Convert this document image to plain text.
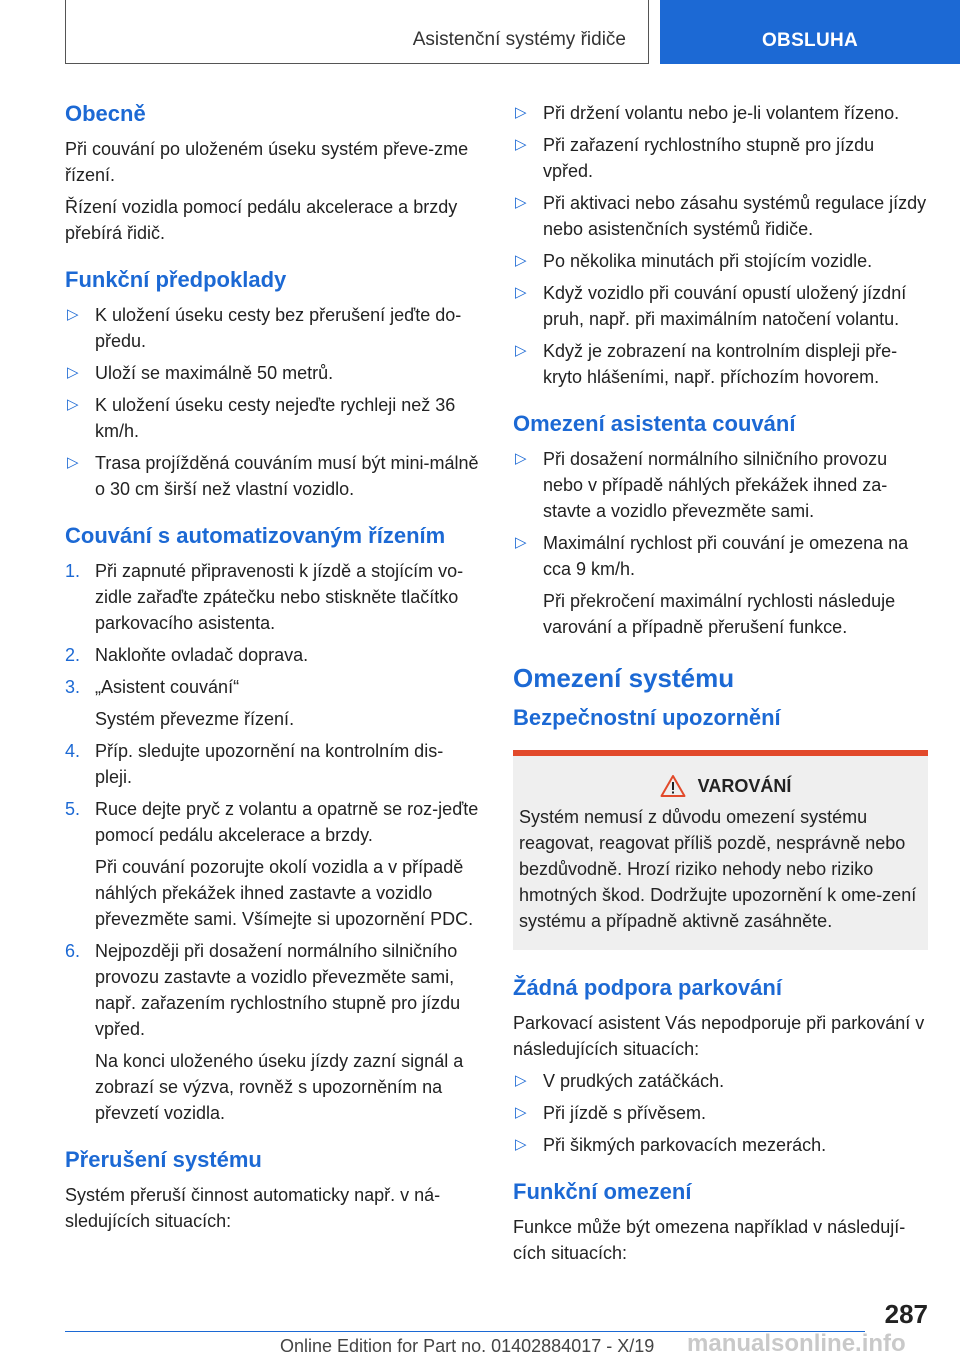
Asistenční systémy řidiče	OBSLUHA
Obecně

Při couvání po uloženém úseku systém převe-zme řízení.

Řízení vozidla pomocí pedálu akcelerace a brzdy přebírá řidič.

Funkční předpoklady
▷ K uložení úseku cesty bez přerušení jeďte do-předu.

▷ Uloží se maximálně 50 metrů.

▷ K uložení úseku cesty nejeďte rychleji než 36 km/h.

▷ Trasa projížděná couváním musí být mini-málně o 30 cm širší než vlastní vozidlo.

Couvání s automatizovaným řízením
1. Při zapnuté připravenosti k jízdě a stojícím vo-zidle zařaďte zpátečku nebo stiskněte tlačítko parkovacího asistenta.

2. Nakloňte ovladač doprava.

3. „Asistent couvání“

Systém převezme řízení.

4. Příp. sledujte upozornění na kontrolním dis-pleji.

5. Ruce dejte pryč z volantu a opatrně se roz-jeďte pomocí pedálu akcelerace a brzdy.

Při couvání pozorujte okolí vozidla a v případě náhlých překážek ihned zastavte a vozidlo převezměte sami. Všímejte si upozornění PDC.

6. Nejpozději při dosažení normálního silničního provozu zastavte a vozidlo převezměte sami, např. zařazením rychlostního stupně pro jízdu vpřed.

Na konci uloženého úseku jízdy zazní signál a zobrazí se výzva, rovněž s upozorněním na převzetí vozidla.

Přerušení systému

Systém přeruší činnost automaticky např. v ná-sledujících situacích:

▷ Při držení volantu nebo je-li volantem řízeno.

▷ Při zařazení rychlostního stupně pro jízdu vpřed.

▷ Při aktivaci nebo zásahu systémů regulace jízdy nebo asistenčních systémů řidiče.

▷ Po několika minutách při stojícím vozidle.

▷ Když vozidlo při couvání opustí uložený jízdní pruh, např. při maximálním natočení volantu.

▷ Když je zobrazení na kontrolním displeji pře-kryto hlášeními, např. příchozím hovorem.

Omezení asistenta couvání
▷ Při dosažení normálního silničního provozu nebo v případě náhlých překážek ihned za-stavte a vozidlo převezměte sami.

▷ Maximální rychlost při couvání je omezena na cca 9 km/h.

Při překročení maximální rychlosti následuje varování a případně přerušení funkce.

Omezení systému
Bezpečnostní upozornění
VAROVÁNÍ

Systém nemusí z důvodu omezení systému reagovat, reagovat příliš pozdě, nesprávně nebo bezdůvodně. Hrozí riziko nehody nebo riziko hmotných škod. Dodržujte upozornění k ome-zení systému a případně aktivně zasáhněte.

Žádná podpora parkování

Parkovací asistent Vás nepodporuje při parkování v následujících situacích:

▷ V prudkých zatáčkách.

▷ Při jízdě s přívěsem.

▷ Při šikmých parkovacích mezerách.

Funkční omezení

Funkce může být omezena například v následují-cích situacích:

287
Online Edition for Part no. 01402884017 - X/19 manualsonline.info
